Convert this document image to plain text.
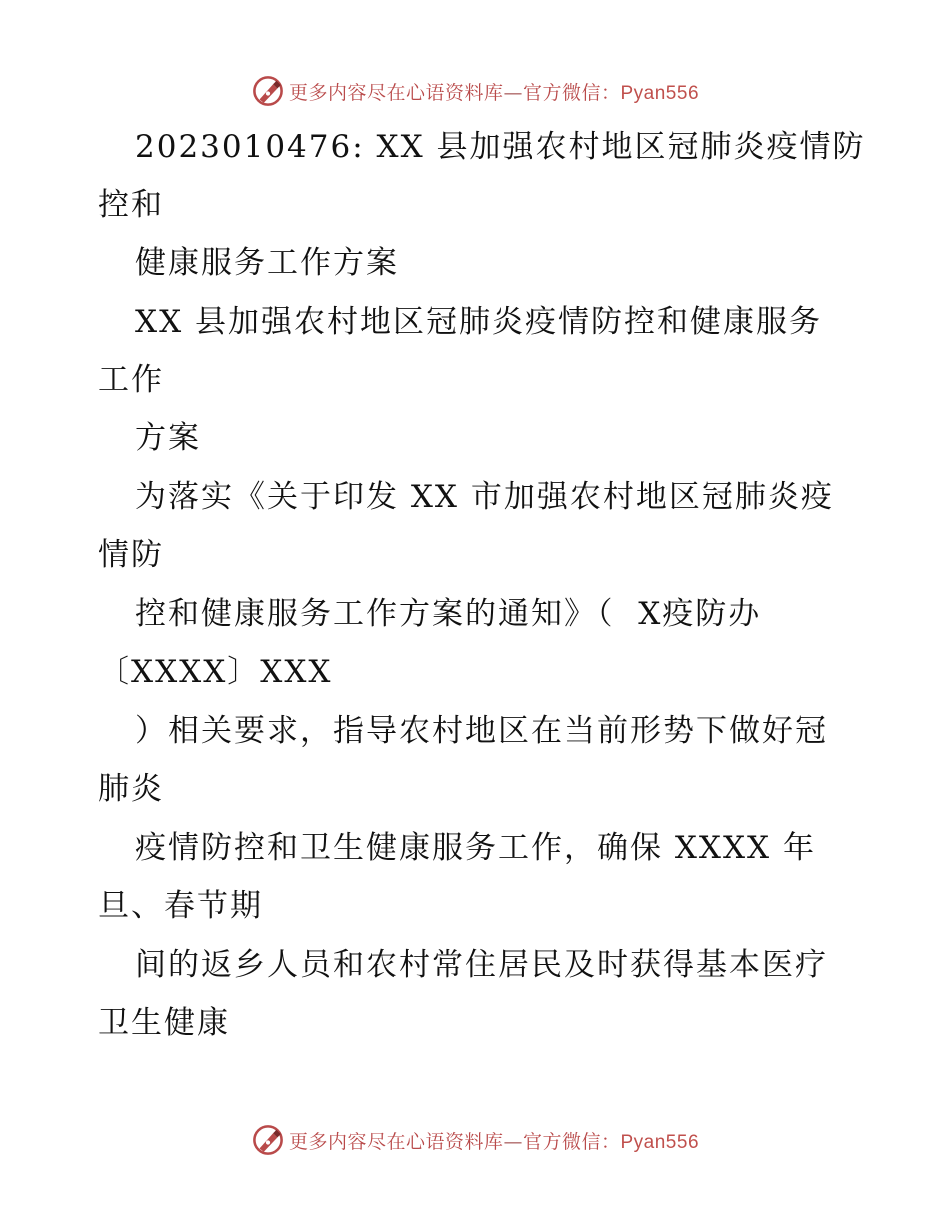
更多内容尽在心语资料库—官方微信：Pyan556
2023010476: XX 县加强农村地区冠肺炎疫情防
控和
健康服务工作方案
XX 县加强农村地区冠肺炎疫情防控和健康服务
工作
方案
为落实《关于印发 XX 市加强农村地区冠肺炎疫
情防
控和健康服务工作方案的通知》（  X疫防办
〔XXXX〕XXX
）相关要求，指导农村地区在当前形势下做好冠
肺炎
疫情防控和卫生健康服务工作，确保 XXXX 年
旦、春节期
间的返乡人员和农村常住居民及时获得基本医疗
卫生健康
更多内容尽在心语资料库—官方微信：Pyan556
